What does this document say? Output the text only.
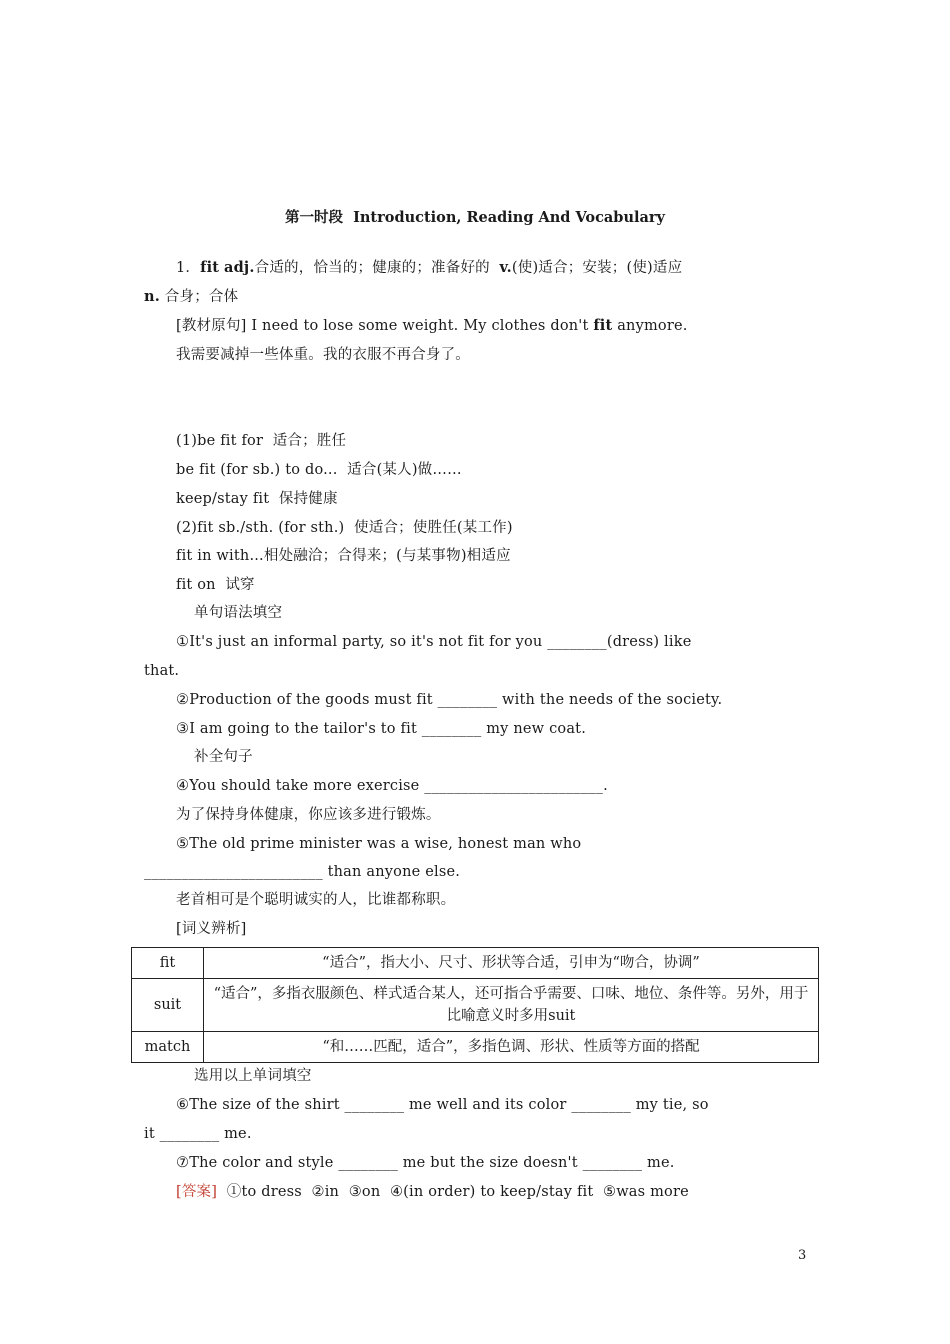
第一时段  Introduction, Reading And Vocabulary
1．fit adj.合适的，恰当的；健康的；准备好的  v.(使)适合；安装；(使)适应
n. 合身；合体
[教材原句] I need to lose some weight. My clothes don't fit anymore.
我需要减掉一些体重。我的衣服不再合身了。
(1)be fit for  适合；胜任
be fit (for sb.) to do...  适合(某人)做……
keep/stay fit  保持健康
(2)fit sb./sth. (for sth.)  使适合；使胜任(某工作)
fit in with...相处融洽；合得来；(与某事物)相适应
fit on  试穿
单句语法填空
①It's just an informal party, so it's not fit for you ________(dress) like
that.
②Production of the goods must fit ________ with the needs of the society.
③I am going to the tailor's to fit ________ my new coat.
补全句子
④You should take more exercise ________________________.
为了保持身体健康，你应该多进行锻炼。
⑤The old prime minister was a wise, honest man who
________________________ than anyone else.
老首相可是个聪明诚实的人，比谁都称职。
[词义辨析]
fit	“适合”，指大小、尺寸、形状等合适，引申为“吻合，协调”
suit	“适合”，多指衣服颜色、样式适合某人，还可指合乎需要、口味、地位、条件等。另外，用于比喻意义时多用suit
match	“和……匹配，适合”，多指色调、形状、性质等方面的搭配
选用以上单词填空
⑥The size of the shirt ________ me well and its color ________ my tie, so
it ________ me.
⑦The color and style ________ me but the size doesn't ________ me.
[答案]  ①to dress  ②in  ③on  ④(in order) to keep/stay fit  ⑤was more
3
